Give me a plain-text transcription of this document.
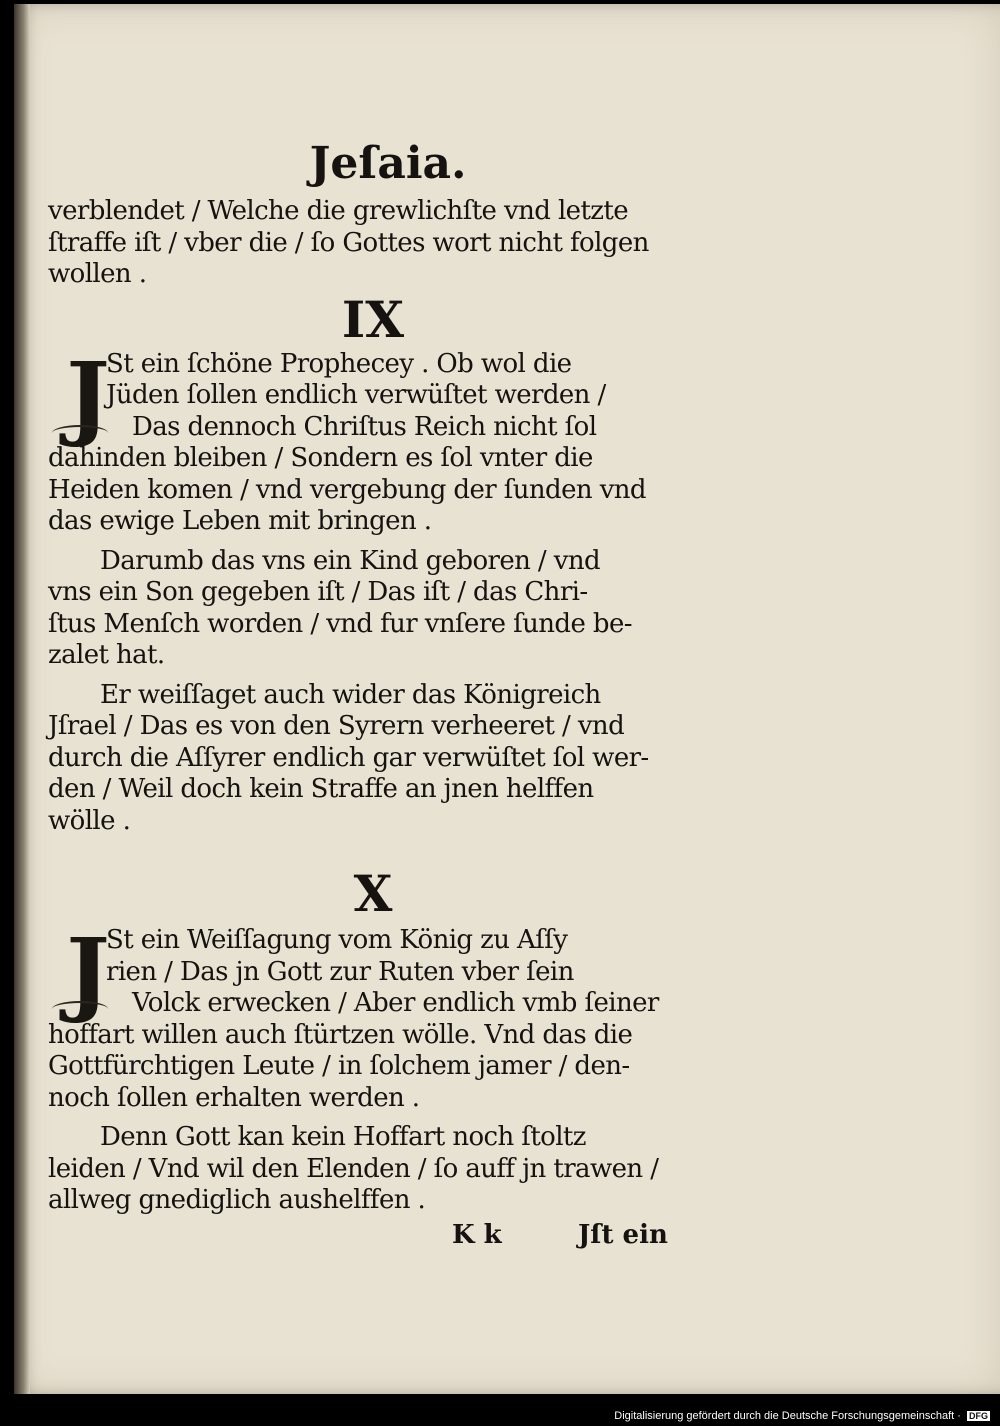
Jeſaia.
verblendet / Welche die grewlichſte vnd letzte
ſtraffe iſt / vber die / ſo Gottes wort nicht folgen
wollen .
IX
J
St ein ſchöne Prophecey . Ob wol die
Jüden ſollen endlich verwüſtet werden /
Das dennoch Chriſtus Reich nicht ſol
dahinden bleiben / Sondern es ſol vnter die
Heiden komen / vnd vergebung der ſunden vnd
das ewige Leben mit bringen .
Darumb das vns ein Kind geboren / vnd
vns ein Son gegeben iſt / Das iſt / das Chri-
ſtus Menſch worden / vnd fur vnſere ſunde be-
zalet hat.
Er weiſſaget auch wider das Königreich
Jſrael / Das es von den Syrern verheeret / vnd
durch die Aſſyrer endlich gar verwüſtet ſol wer-
den / Weil doch kein Straffe an jnen helffen
wölle .
X
J
St ein Weiſſagung vom König zu Aſſy
rien / Das jn Gott zur Ruten vber ſein
Volck erwecken / Aber endlich vmb ſeiner
hoffart willen auch ſtürtzen wölle. Vnd das die
Gottfürchtigen Leute / in ſolchem jamer / den-
noch ſollen erhalten werden .
Denn Gott kan kein Hoffart noch ſtoltz
leiden / Vnd wil den Elenden / ſo auff jn trawen /
allweg gnediglich aushelffen .
K k	Jſt ein
Digitalisierung gefördert durch die Deutsche Forschungsgemeinschaft · DFG
